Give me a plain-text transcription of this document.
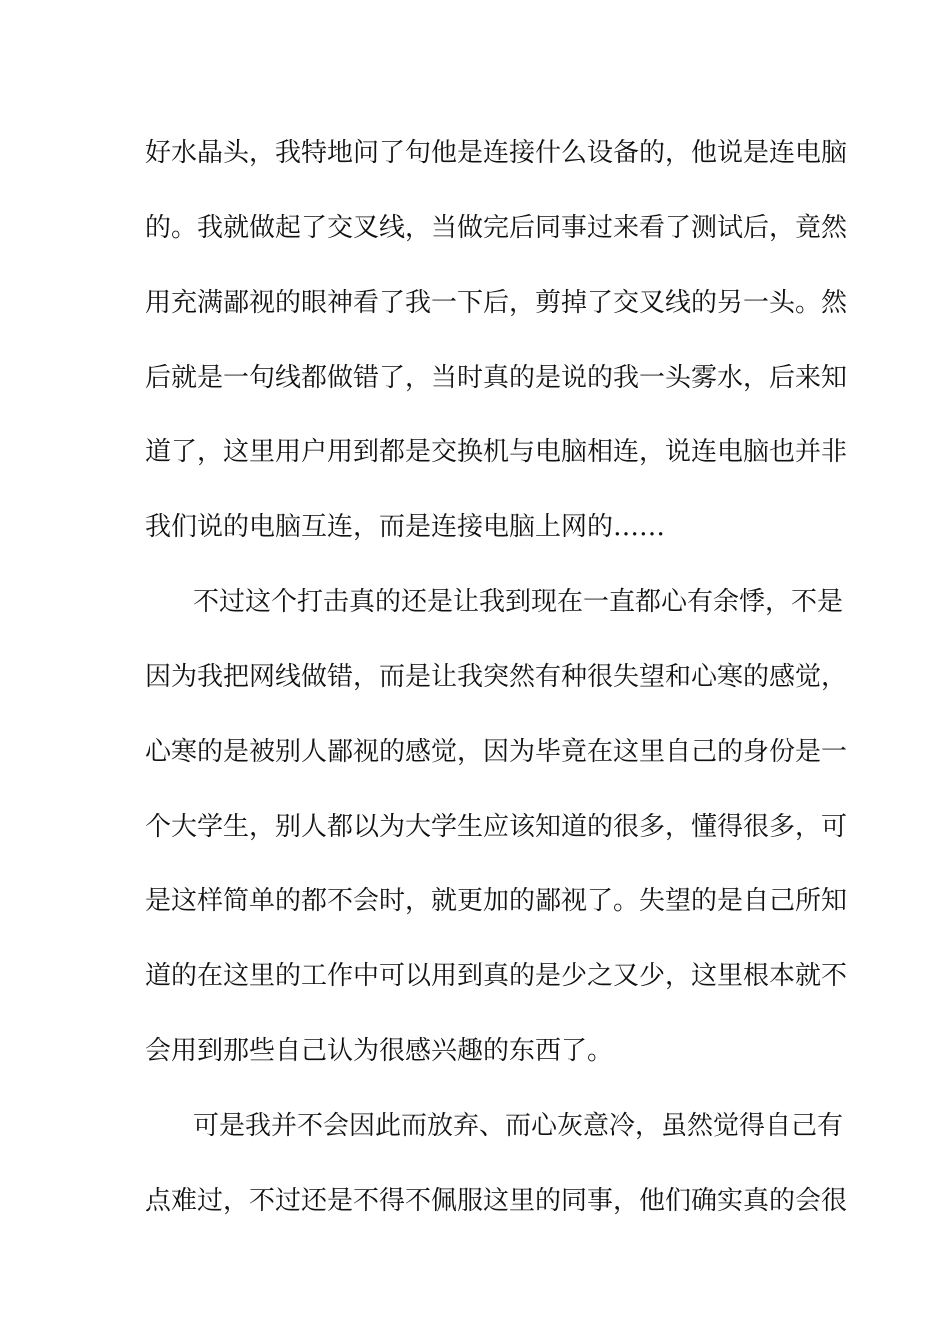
好水晶头，我特地问了句他是连接什么设备的，他说是连电脑
的。我就做起了交叉线，当做完后同事过来看了测试后，竟然
用充满鄙视的眼神看了我一下后，剪掉了交叉线的另一头。然
后就是一句线都做错了，当时真的是说的我一头雾水，后来知
道了，这里用户用到都是交换机与电脑相连，说连电脑也并非
我们说的电脑互连，而是连接电脑上网的……
不过这个打击真的还是让我到现在一直都心有余悸，不是
因为我把网线做错，而是让我突然有种很失望和心寒的感觉，
心寒的是被别人鄙视的感觉，因为毕竟在这里自己的身份是一
个大学生，别人都以为大学生应该知道的很多，懂得很多，可
是这样简单的都不会时，就更加的鄙视了。失望的是自己所知
道的在这里的工作中可以用到真的是少之又少，这里根本就不
会用到那些自己认为很感兴趣的东西了。
可是我并不会因此而放弃、而心灰意冷，虽然觉得自己有
点难过，不过还是不得不佩服这里的同事，他们确实真的会很
